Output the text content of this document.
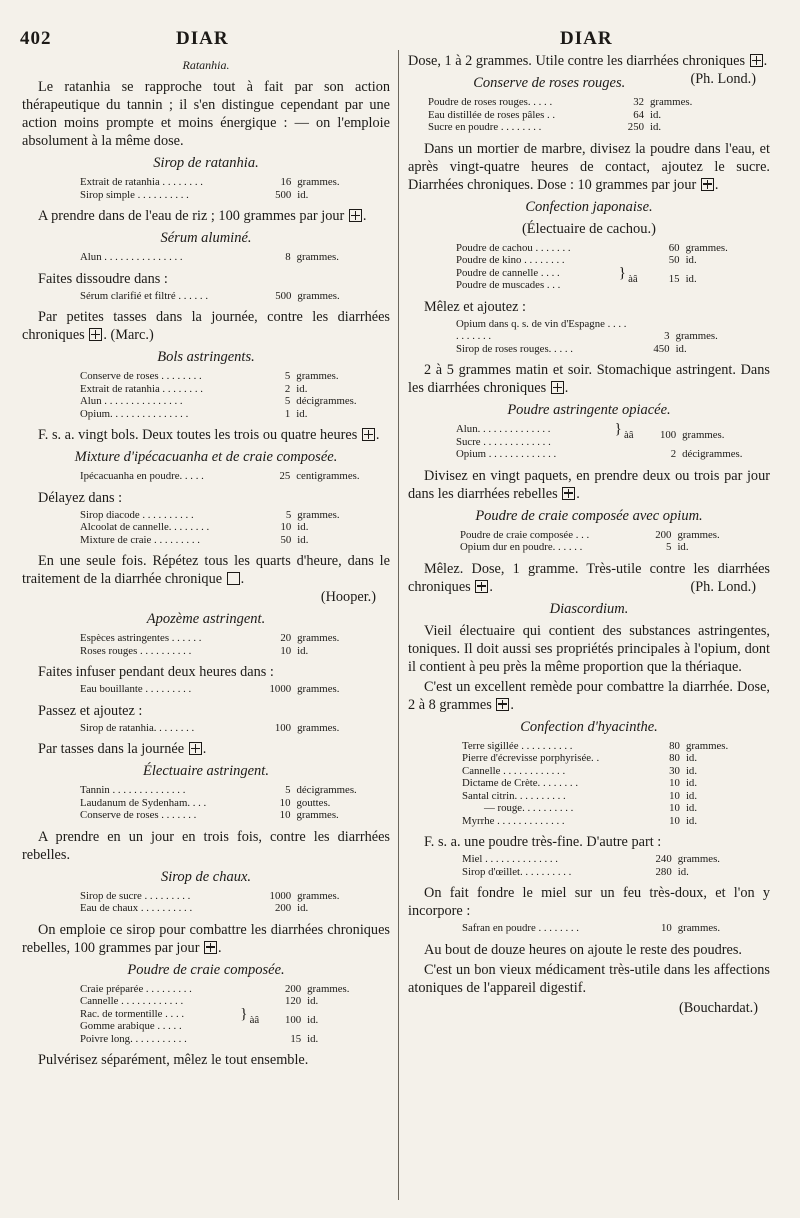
402	DIAR	DIAR
Ratanhia.

Le ratanhia se rapproche tout à fait par son action thérapeutique du tannin ; il s'en distingue cependant par une action moins prompte et moins énergique : — on l'emploie absolument à la même dose.

Sirop de ratanhia.
Extrait de ratanhia . . . . . . . .	16	grammes.
Sirop simple . . . . . . . . . .	500	id.

A prendre dans de l'eau de riz ; 100 grammes par jour .

Sérum aluminé.
Alun . . . . . . . . . . . . . . .	8	grammes.

Faites dissoudre dans :

Sérum clarifié et filtré . . . . . .	500	grammes.

Par petites tasses dans la journée, contre les diarrhées chroniques . (Marc.)

Bols astringents.
Conserve de roses . . . . . . . .	5	grammes.
Extrait de ratanhia . . . . . . . .	2	id.
Alun . . . . . . . . . . . . . . .	5	décigrammes.
Opium. . . . . . . . . . . . . . .	1	id.

F. s. a. vingt bols. Deux toutes les trois ou quatre heures .

Mixture d'ipécacuanha et de craie composée.
Ipécacuanha en poudre. . . . .	25	centigrammes.

Délayez dans :

Sirop diacode . . . . . . . . . .	5	grammes.
Alcoolat de cannelle. . . . . . . .	10	id.
Mixture de craie . . . . . . . . .	50	id.

En une seule fois. Répétez tous les quarts d'heure, dans le traitement de la diarrhée chronique .
(Hooper.)

Apozème astringent.
Espèces astringentes . . . . . .	20	grammes.
Roses rouges . . . . . . . . . .	10	id.

Faites infuser pendant deux heures dans :

Eau bouillante . . . . . . . . .	1000	grammes.

Passez et ajoutez :

Sirop de ratanhia. . . . . . . .	100	grammes.

Par tasses dans la journée .

Électuaire astringent.
Tannin . . . . . . . . . . . . . .	5	décigrammes.
Laudanum de Sydenham. . . .	10	gouttes.
Conserve de roses . . . . . . .	10	grammes.

A prendre en un jour en trois fois, contre les diarrhées rebelles.

Sirop de chaux.
Sirop de sucre . . . . . . . . .	1000	grammes.
Eau de chaux . . . . . . . . . .	200	id.

On emploie ce sirop pour combattre les diarrhées chroniques rebelles, 100 grammes par jour .

Poudre de craie composée.
Craie préparée . . . . . . . . .			200	grammes.
Cannelle . . . . . . . . . . . .			120	id.
Rac. de tormentille . . . .	}	àâ	100	id.
Gomme arabique . . . . .				
Poivre long. . . . . . . . . . .			15	id.

Pulvérisez séparément, mêlez le tout ensemble.

Dose, 1 à 2 grammes. Utile contre les diarrhées chroniques .
(Ph. Lond.)

Conserve de roses rouges.
Poudre de roses rouges. . . . .	32	grammes.
Eau distillée de roses pâles . .	64	id.
Sucre en poudre . . . . . . . .	250	id.

Dans un mortier de marbre, divisez la poudre dans l'eau, et après vingt-quatre heures de contact, ajoutez le sucre. Diarrhées chroniques. Dose : 10 grammes par jour .

Confection japonaise.
(Électuaire de cachou.)
Poudre de cachou . . . . . . .			60	grammes.
Poudre de kino . . . . . . . .			50	id.
Poudre de cannelle . . . .	}	àâ	15	id.
Poudre de muscades . . .				

Mêlez et ajoutez :

Opium dans q. s. de vin d'Espagne . . . . . . . . . . .	3	grammes.
Sirop de roses rouges. . . . .	450	id.

2 à 5 grammes matin et soir. Stomachique astringent. Dans les diarrhées chroniques .

Poudre astringente opiacée.
Alun. . . . . . . . . . . . . .	}	àâ	100	grammes.
Sucre . . . . . . . . . . . . .				
Opium . . . . . . . . . . . . .			2	décigrammes.

Divisez en vingt paquets, en prendre deux ou trois par jour dans les diarrhées rebelles .

Poudre de craie composée avec opium.
Poudre de craie composée . . .	200	grammes.
Opium dur en poudre. . . . . .	5	id.

Mêlez. Dose, 1 gramme. Très-utile contre les diarrhées chroniques .	(Ph. Lond.)

Diascordium.

Vieil électuaire qui contient des substances astringentes, toniques. Il doit aussi ses propriétés principales à l'opium, dont il contient à peu près la même proportion que la thériaque.

C'est un excellent remède pour combattre la diarrhée. Dose, 2 à 8 grammes .

Confection d'hyacinthe.
Terre sigillée . . . . . . . . . .	80	grammes.
Pierre d'écrevisse porphyrisée. .	80	id.
Cannelle . . . . . . . . . . . .	30	id.
Dictame de Crète. . . . . . . .	10	id.
Santal citrin. . . . . . . . . .	10	id.
— rouge. . . . . . . . . .	10	id.
Myrrhe . . . . . . . . . . . . .	10	id.

F. s. a. une poudre très-fine. D'autre part :

Miel . . . . . . . . . . . . . .	240	grammes.
Sirop d'œillet. . . . . . . . . .	280	id.

On fait fondre le miel sur un feu très-doux, et l'on y incorpore :

Safran en poudre . . . . . . . .	10	grammes.

Au bout de douze heures on ajoute le reste des poudres.

C'est un bon vieux médicament très-utile dans les affections atoniques de l'appareil digestif.

(Bouchardat.)
